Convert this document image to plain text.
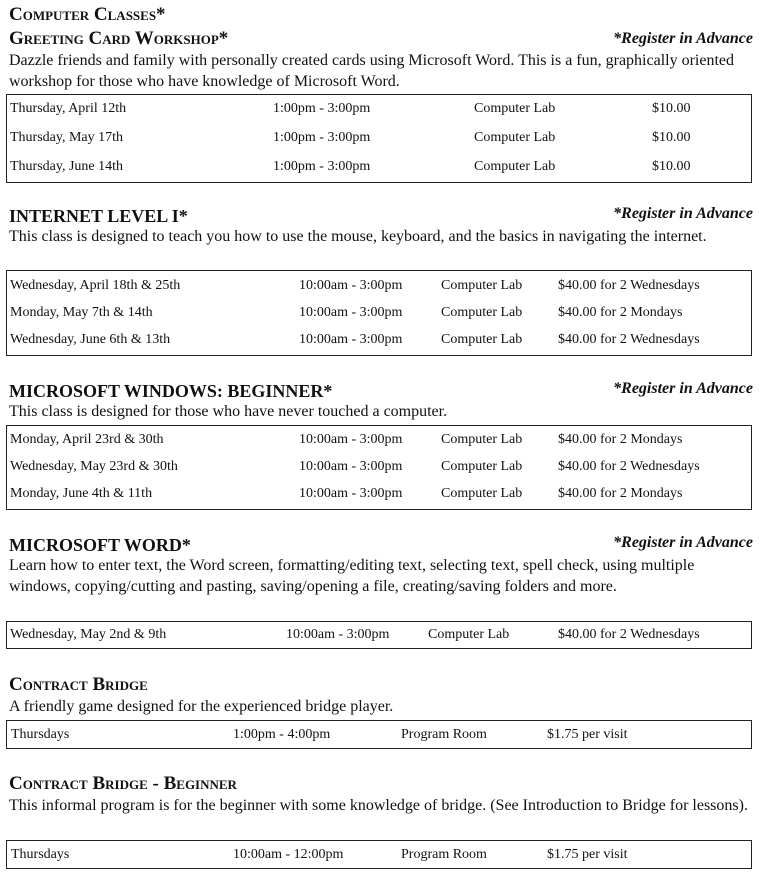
Computer Classes*
Greeting Card Workshop*	*Register in Advance
Dazzle friends and family with personally created cards using Microsoft Word. This is a fun, graphically oriented workshop for those who have knowledge of Microsoft Word.
Thursday, April 12th	1:00pm - 3:00pm	Computer Lab	$10.00
Thursday, May 17th	1:00pm - 3:00pm	Computer Lab	$10.00
Thursday, June 14th	1:00pm - 3:00pm	Computer Lab	$10.00
INTERNET LEVEL I*	*Register in Advance
This class is designed to teach you how to use the mouse, keyboard, and the basics in navigating the internet.
Wednesday, April 18th & 25th	10:00am - 3:00pm	Computer Lab	$40.00 for 2 Wednesdays
Monday, May 7th & 14th	10:00am - 3:00pm	Computer Lab	$40.00 for 2 Mondays
Wednesday, June 6th & 13th	10:00am - 3:00pm	Computer Lab	$40.00 for 2 Wednesdays
MICROSOFT WINDOWS: BEGINNER*	*Register in Advance
This class is designed for those who have never touched a computer.
Monday, April 23rd & 30th	10:00am - 3:00pm	Computer Lab	$40.00 for 2 Mondays
Wednesday, May 23rd & 30th	10:00am - 3:00pm	Computer Lab	$40.00 for 2 Wednesdays
Monday, June 4th & 11th	10:00am - 3:00pm	Computer Lab	$40.00 for 2 Mondays
MICROSOFT WORD*	*Register in Advance
Learn how to enter text, the Word screen, formatting/editing text, selecting text, spell check, using multiple windows, copying/cutting and pasting, saving/opening a file, creating/saving folders and more.
Wednesday, May 2nd & 9th	10:00am - 3:00pm	Computer Lab	$40.00 for 2 Wednesdays
Contract Bridge
A friendly game designed for the experienced bridge player.
Thursdays	1:00pm - 4:00pm	Program Room	$1.75 per visit
Contract Bridge - Beginner
This informal program is for the beginner with some knowledge of bridge. (See Introduction to Bridge for lessons).
Thursdays	10:00am - 12:00pm	Program Room	$1.75 per visit
